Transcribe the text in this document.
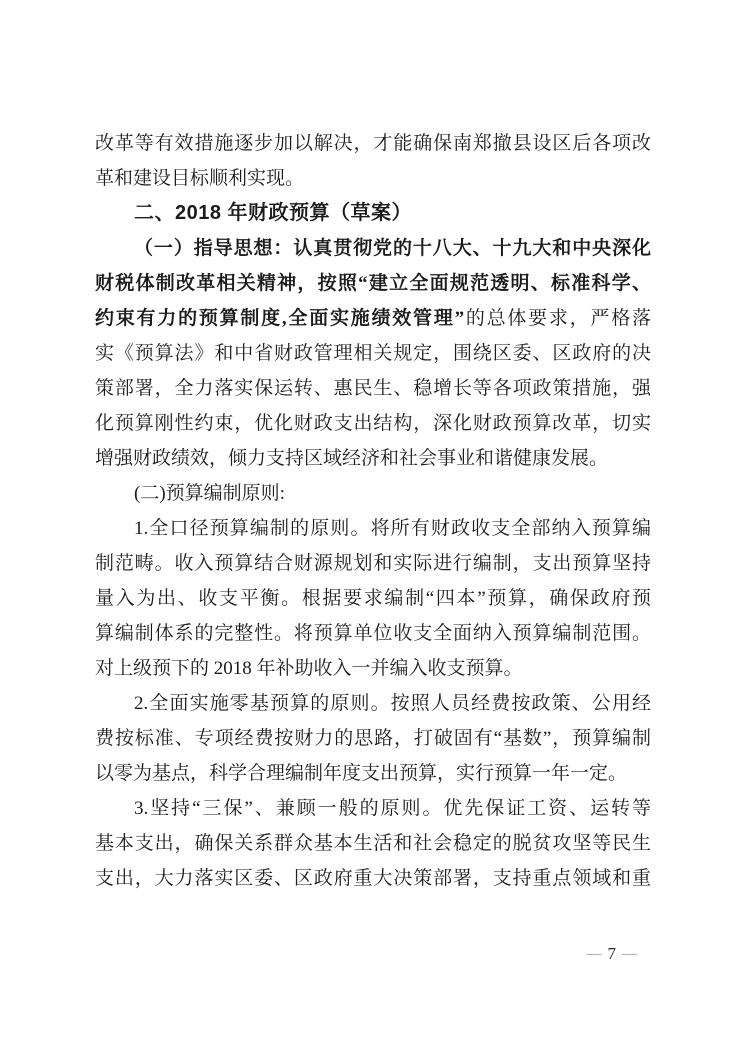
改革等有效措施逐步加以解决，才能确保南郑撤县设区后各项改
革和建设目标顺利实现。
二、2018 年财政预算（草案）
（一）指导思想：认真贯彻党的十八大、十九大和中央深化
财税体制改革相关精神，按照“建立全面规范透明、标准科学、
约束有力的预算制度,全面实施绩效管理”的总体要求，严格落
实《预算法》和中省财政管理相关规定，围绕区委、区政府的决
策部署，全力落实保运转、惠民生、稳增长等各项政策措施，强
化预算刚性约束，优化财政支出结构，深化财政预算改革，切实
增强财政绩效，倾力支持区域经济和社会事业和谐健康发展。
(二)预算编制原则:
1.全口径预算编制的原则。将所有财政收支全部纳入预算编
制范畴。收入预算结合财源规划和实际进行编制，支出预算坚持
量入为出、收支平衡。根据要求编制“四本”预算，确保政府预
算编制体系的完整性。将预算单位收支全面纳入预算编制范围。
对上级预下的 2018 年补助收入一并编入收支预算。
2.全面实施零基预算的原则。按照人员经费按政策、公用经
费按标准、专项经费按财力的思路，打破固有“基数”，预算编制
以零为基点，科学合理编制年度支出预算，实行预算一年一定。
3.坚持“三保”、兼顾一般的原则。优先保证工资、运转等
基本支出，确保关系群众基本生活和社会稳定的脱贫攻坚等民生
支出，大力落实区委、区政府重大决策部署，支持重点领域和重
— 7 —
